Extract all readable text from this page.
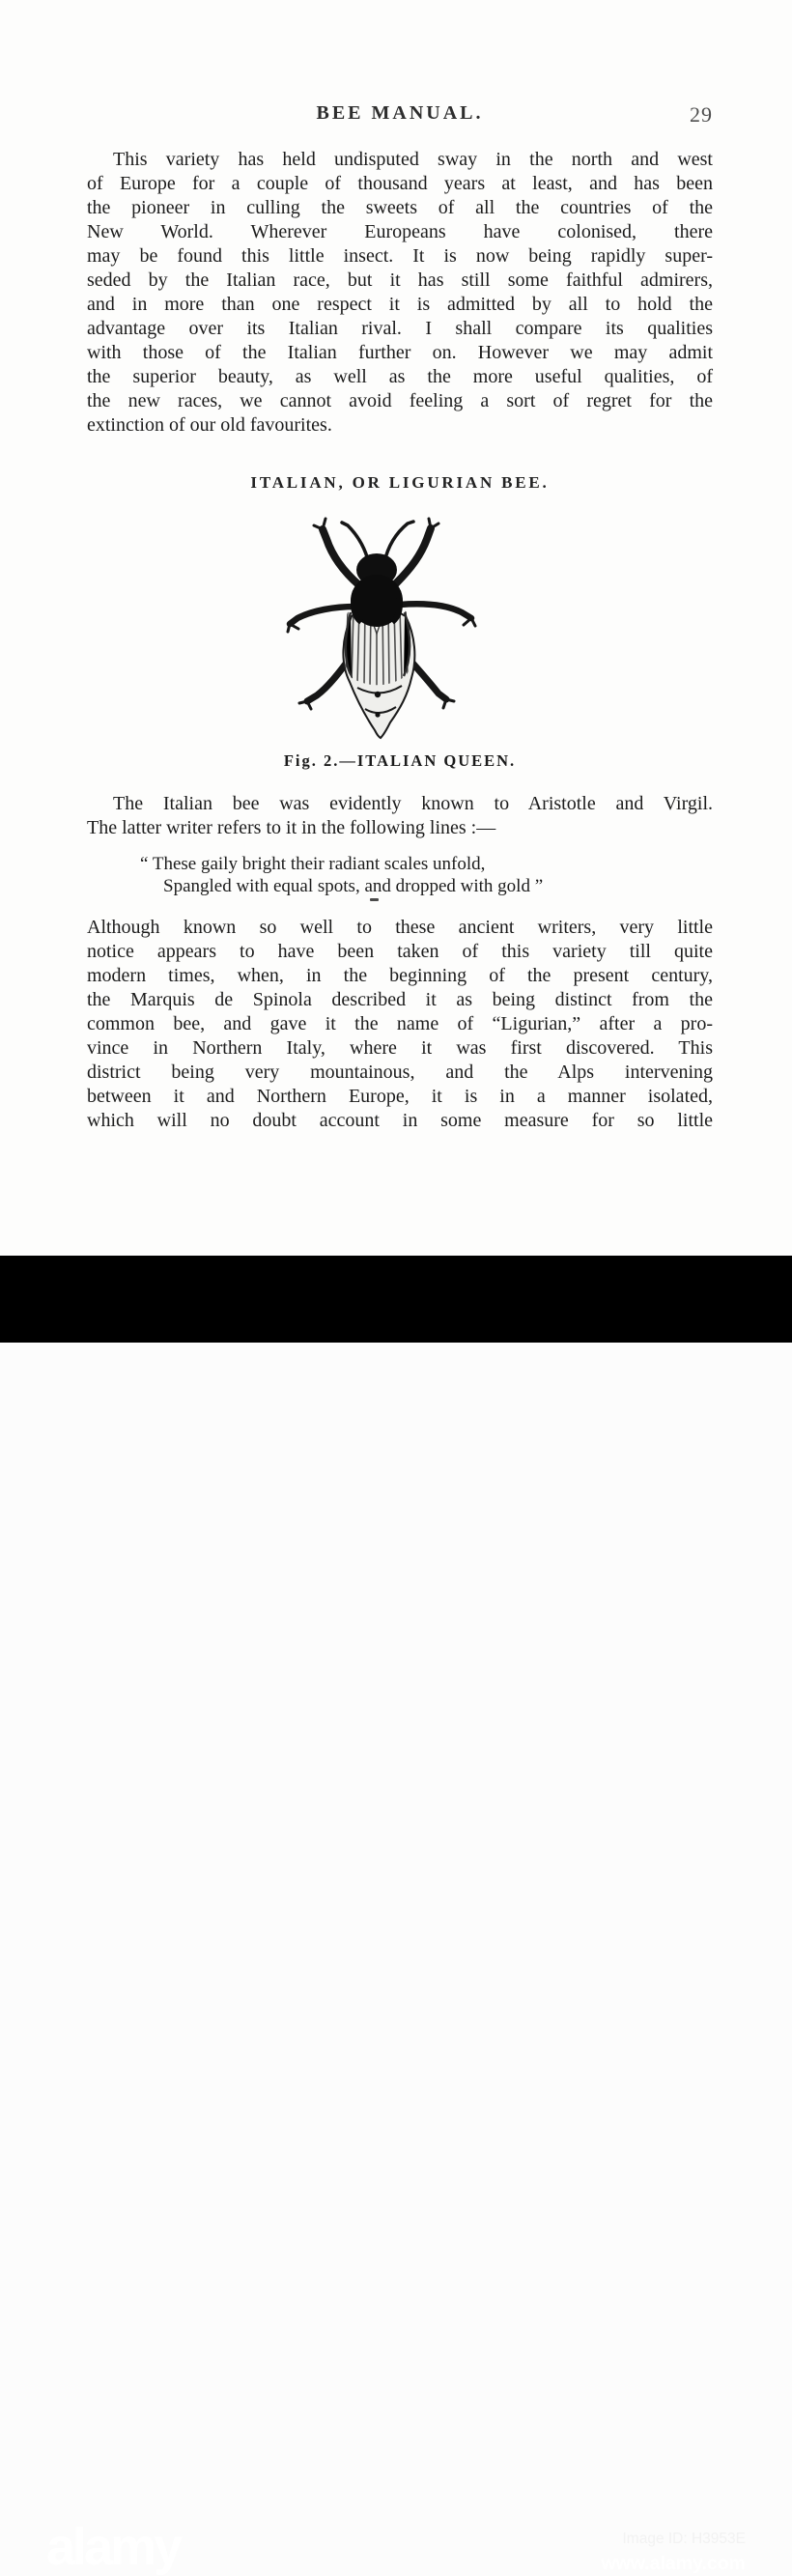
BEE MANUAL.	29
This variety has held undisputed sway in the north and west
of Europe for a couple of thousand years at least, and has been
the pioneer in culling the sweets of all the countries of the
New World. Wherever Europeans have colonised, there
may be found this little insect. It is now being rapidly super-
seded by the Italian race, but it has still some faithful admirers,
and in more than one respect it is admitted by all to hold the
advantage over its Italian rival. I shall compare its qualities
with those of the Italian further on. However we may admit
the superior beauty, as well as the more useful qualities, of
the new races, we cannot avoid feeling a sort of regret for the
extinction of our old favourites.
ITALIAN, OR LIGURIAN BEE.
Fig. 2.—ITALIAN QUEEN.
The Italian bee was evidently known to Aristotle and Virgil.
The latter writer refers to it in the following lines :—
“ These gaily bright their radiant scales unfold,
Spangled with equal spots, and dropped with gold ”
Although known so well to these ancient writers, very little
notice appears to have been taken of this variety till quite
modern times, when, in the beginning of the present century,
the Marquis de Spinola described it as being distinct from the
common bee, and gave it the name of “Ligurian,” after a pro-
vince in Northern Italy, where it was first discovered. This
district being very mountainous, and the Alps intervening
between it and Northern Europe, it is in a manner isolated,
which will no doubt account in some measure for so little
alamy	Image ID: H3953E
www.alamy.com
